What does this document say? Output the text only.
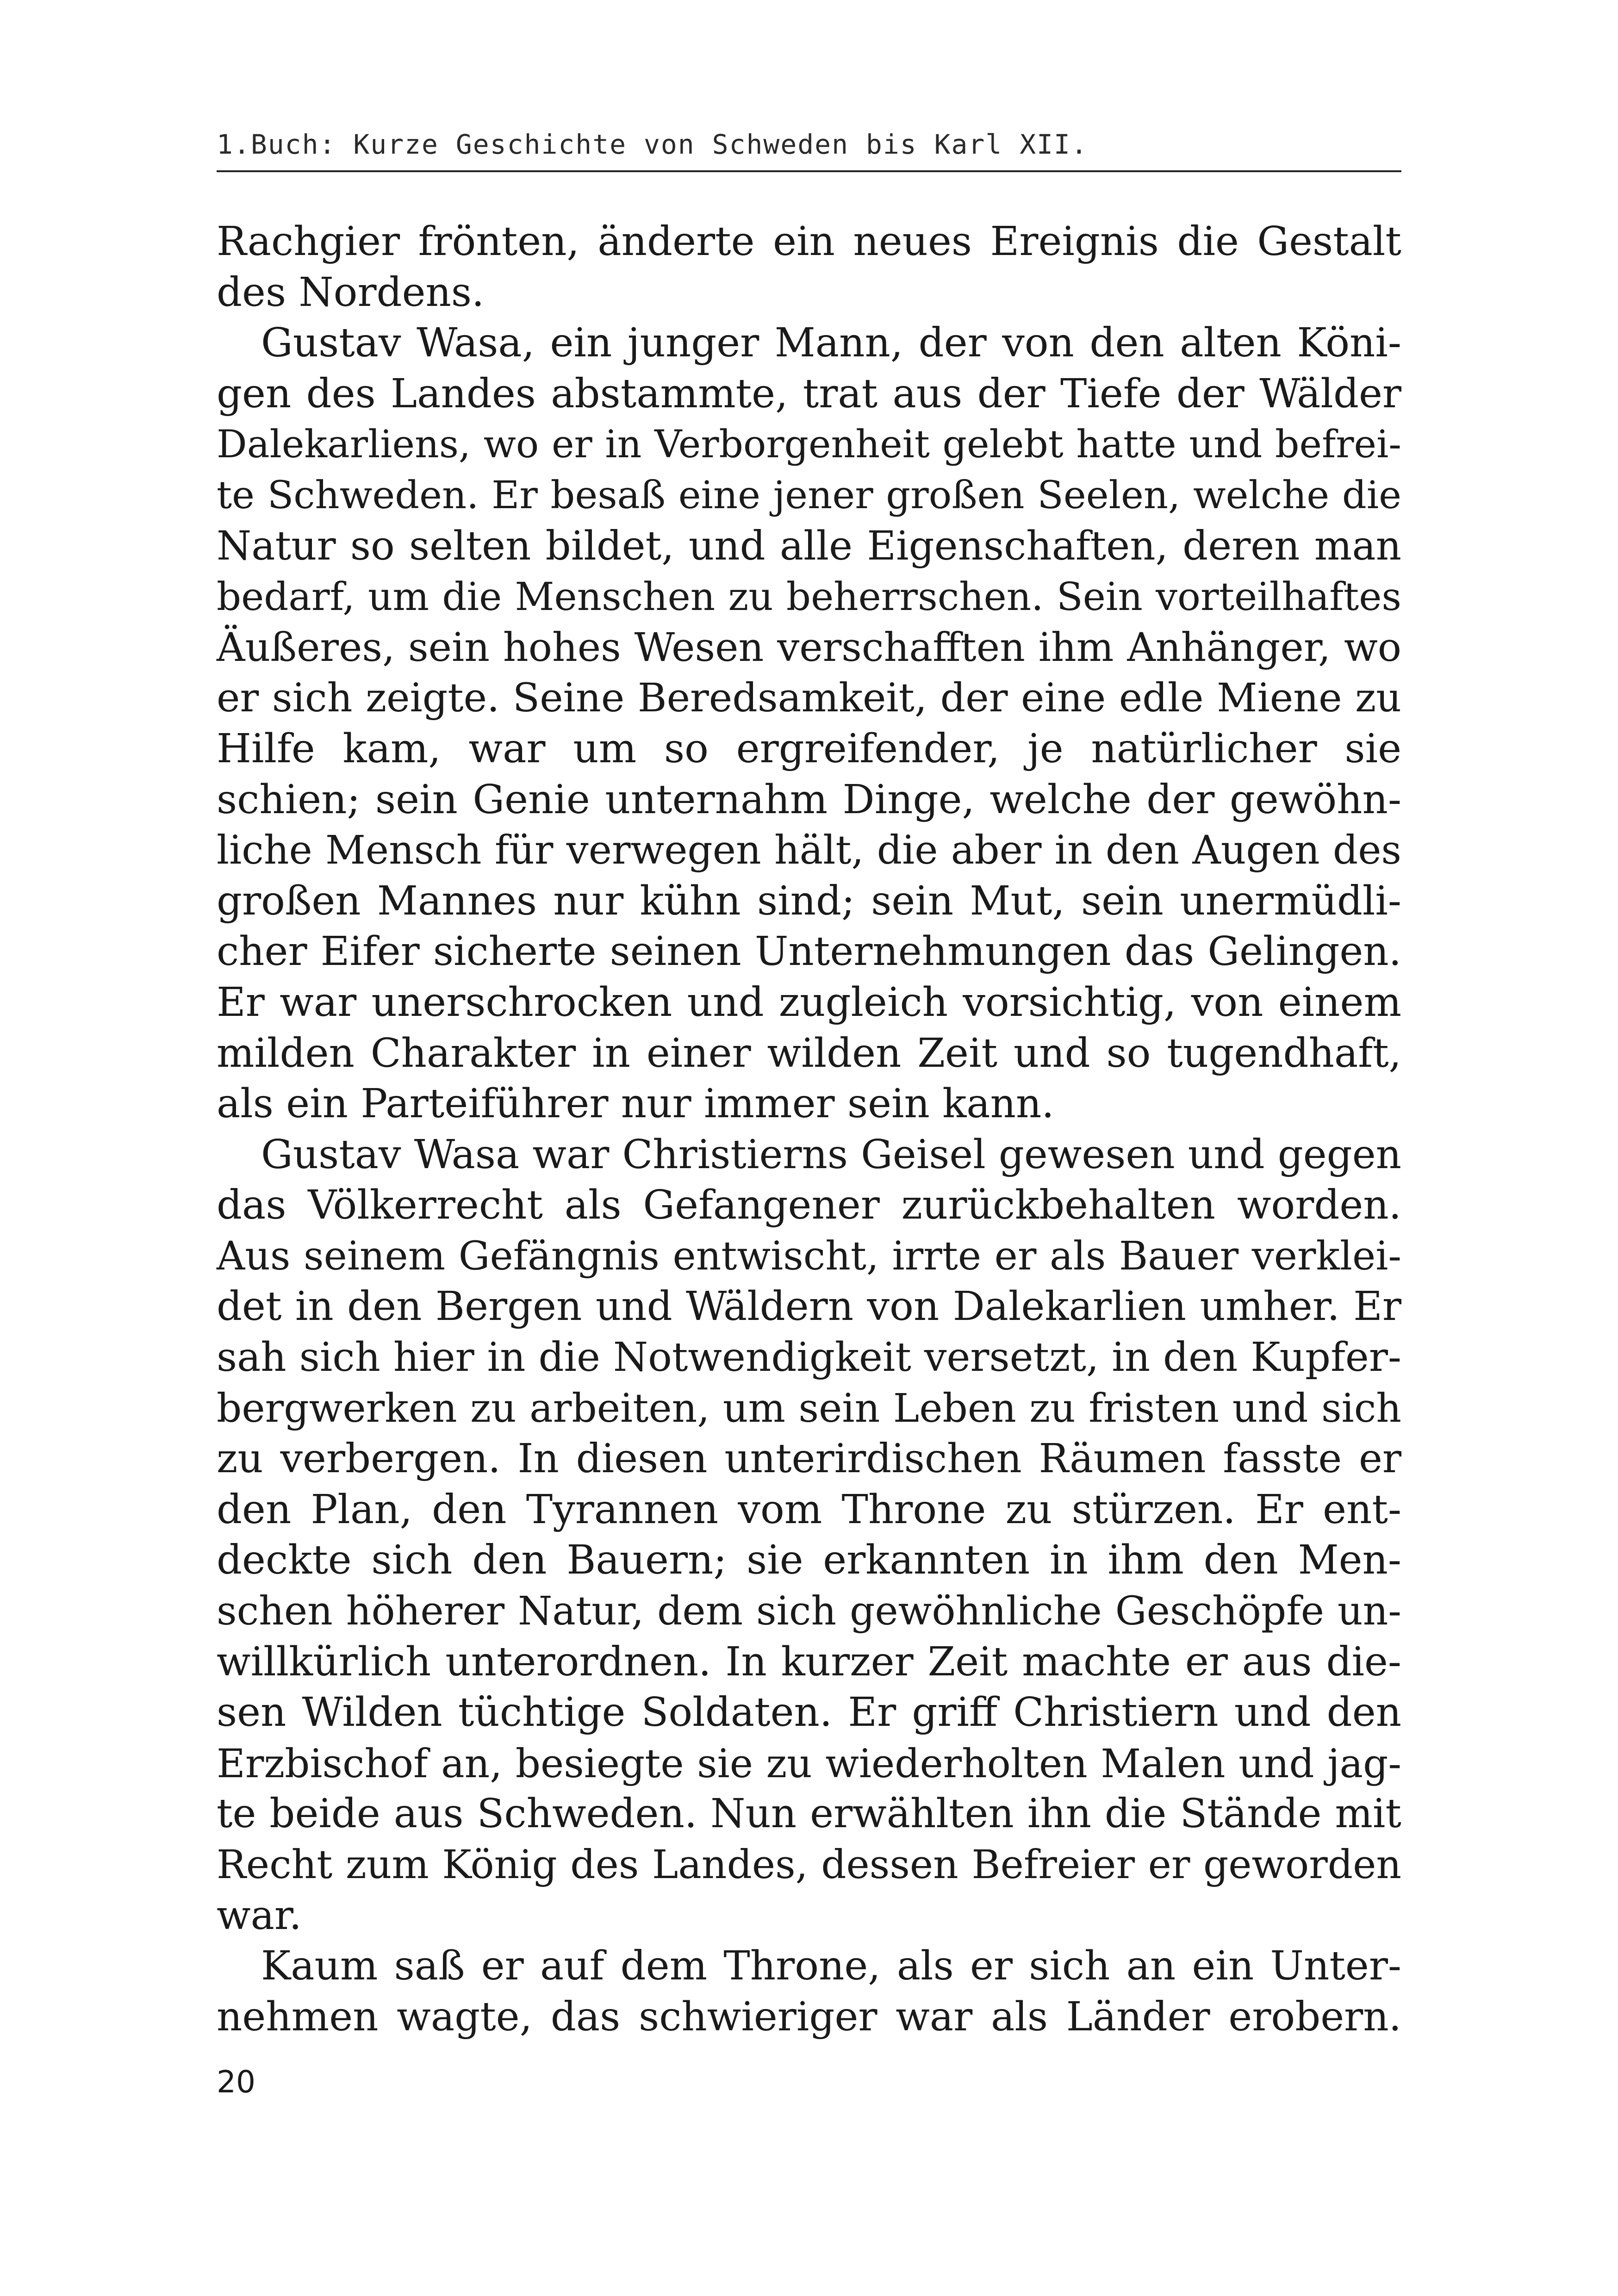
1.Buch: Kurze Geschichte von Schweden bis Karl XII.
Rachgier frönten, änderte ein neues Ereignis die Gestalt
des Nordens.
Gustav Wasa, ein junger Mann, der von den alten Köni-
gen des Landes abstammte, trat aus der Tiefe der Wälder
Dalekarliens, wo er in Verborgenheit gelebt hatte und befrei-
te Schweden. Er besaß eine jener großen Seelen, welche die
Natur so selten bildet, und alle Eigenschaften, deren man
bedarf, um die Menschen zu beherrschen. Sein vorteilhaftes
Äußeres, sein hohes Wesen verschafften ihm Anhänger, wo
er sich zeigte. Seine Beredsamkeit, der eine edle Miene zu
Hilfe kam, war um so ergreifender, je natürlicher sie
schien; sein Genie unternahm Dinge, welche der gewöhn-
liche Mensch für verwegen hält, die aber in den Augen des
großen Mannes nur kühn sind; sein Mut, sein unermüdli-
cher Eifer sicherte seinen Unternehmungen das Gelingen.
Er war unerschrocken und zugleich vorsichtig, von einem
milden Charakter in einer wilden Zeit und so tugendhaft,
als ein Parteiführer nur immer sein kann.
Gustav Wasa war Christierns Geisel gewesen und gegen
das Völkerrecht als Gefangener zurückbehalten worden.
Aus seinem Gefängnis entwischt, irrte er als Bauer verklei-
det in den Bergen und Wäldern von Dalekarlien umher. Er
sah sich hier in die Notwendigkeit versetzt, in den Kupfer-
bergwerken zu arbeiten, um sein Leben zu fristen und sich
zu verbergen. In diesen unterirdischen Räumen fasste er
den Plan, den Tyrannen vom Throne zu stürzen. Er ent-
deckte sich den Bauern; sie erkannten in ihm den Men-
schen höherer Natur, dem sich gewöhnliche Geschöpfe un-
willkürlich unterordnen. In kurzer Zeit machte er aus die-
sen Wilden tüchtige Soldaten. Er griff Christiern und den
Erzbischof an, besiegte sie zu wiederholten Malen und jag-
te beide aus Schweden. Nun erwählten ihn die Stände mit
Recht zum König des Landes, dessen Befreier er geworden
war.
Kaum saß er auf dem Throne, als er sich an ein Unter-
nehmen wagte, das schwieriger war als Länder erobern.
20
